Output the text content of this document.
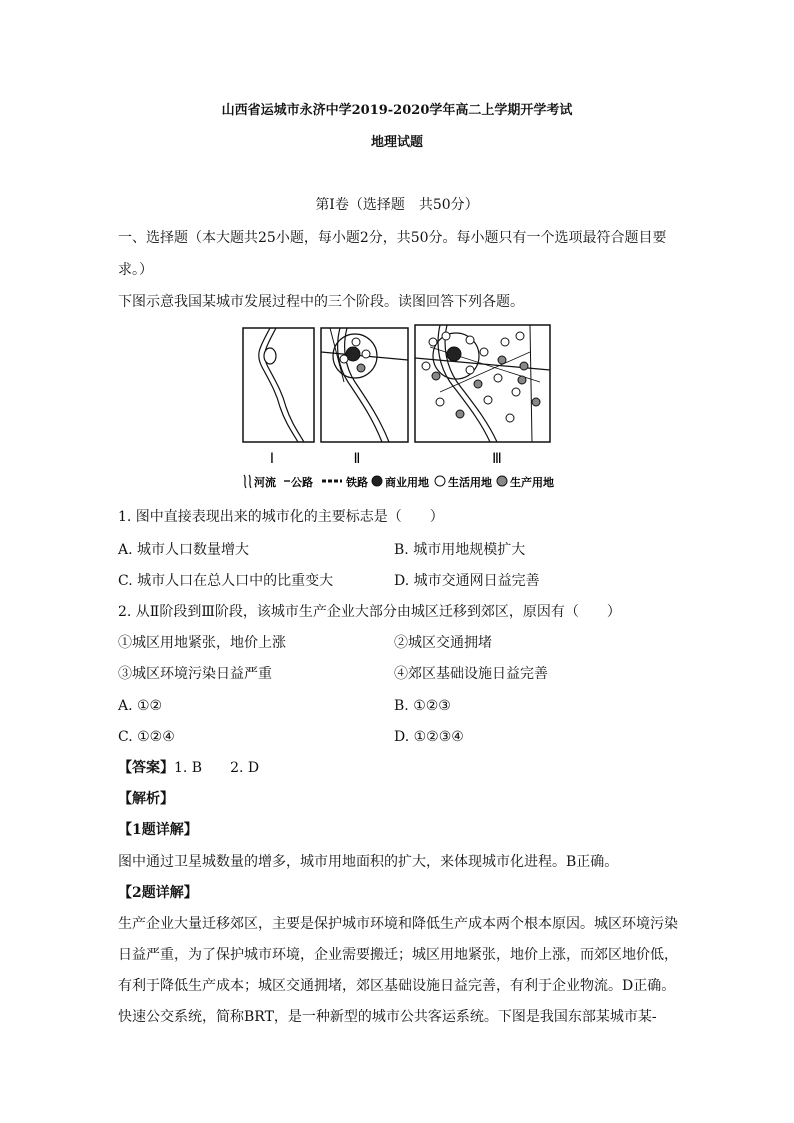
山西省运城市永济中学2019-2020学年高二上学期开学考试
地理试题
第Ⅰ卷（选择题　共50分）
一、选择题（本大题共25小题，每小题2分，共50分。每小题只有一个选项最符合题目要
求。）
下图示意我国某城市发展过程中的三个阶段。读图回答下列各题。
Ⅰ	Ⅱ	Ⅲ
河流 公路	铁路 商业用地 生活用地 生产用地
1. 图中直接表现出来的城市化的主要标志是（　　）
A. 城市人口数量增大	B. 城市用地规模扩大
C. 城市人口在总人口中的比重变大	D. 城市交通网日益完善
2. 从Ⅱ阶段到Ⅲ阶段，该城市生产企业大部分由城区迁移到郊区，原因有（　　）
①城区用地紧张，地价上涨	②城区交通拥堵
③城区环境污染日益严重	④郊区基础设施日益完善
A. ①②	B. ①②③
C. ①②④	D. ①②③④
【答案】1. B　　2. D
【解析】
【1题详解】
图中通过卫星城数量的增多，城市用地面积的扩大，来体现城市化进程。B正确。
【2题详解】
生产企业大量迁移郊区，主要是保护城市环境和降低生产成本两个根本原因。城区环境污染
日益严重，为了保护城市环境，企业需要搬迁；城区用地紧张，地价上涨，而郊区地价低，
有利于降低生产成本；城区交通拥堵，郊区基础设施日益完善，有利于企业物流。D正确。
快速公交系统，简称BRT，是一种新型的城市公共客运系统。下图是我国东部某城市某-
